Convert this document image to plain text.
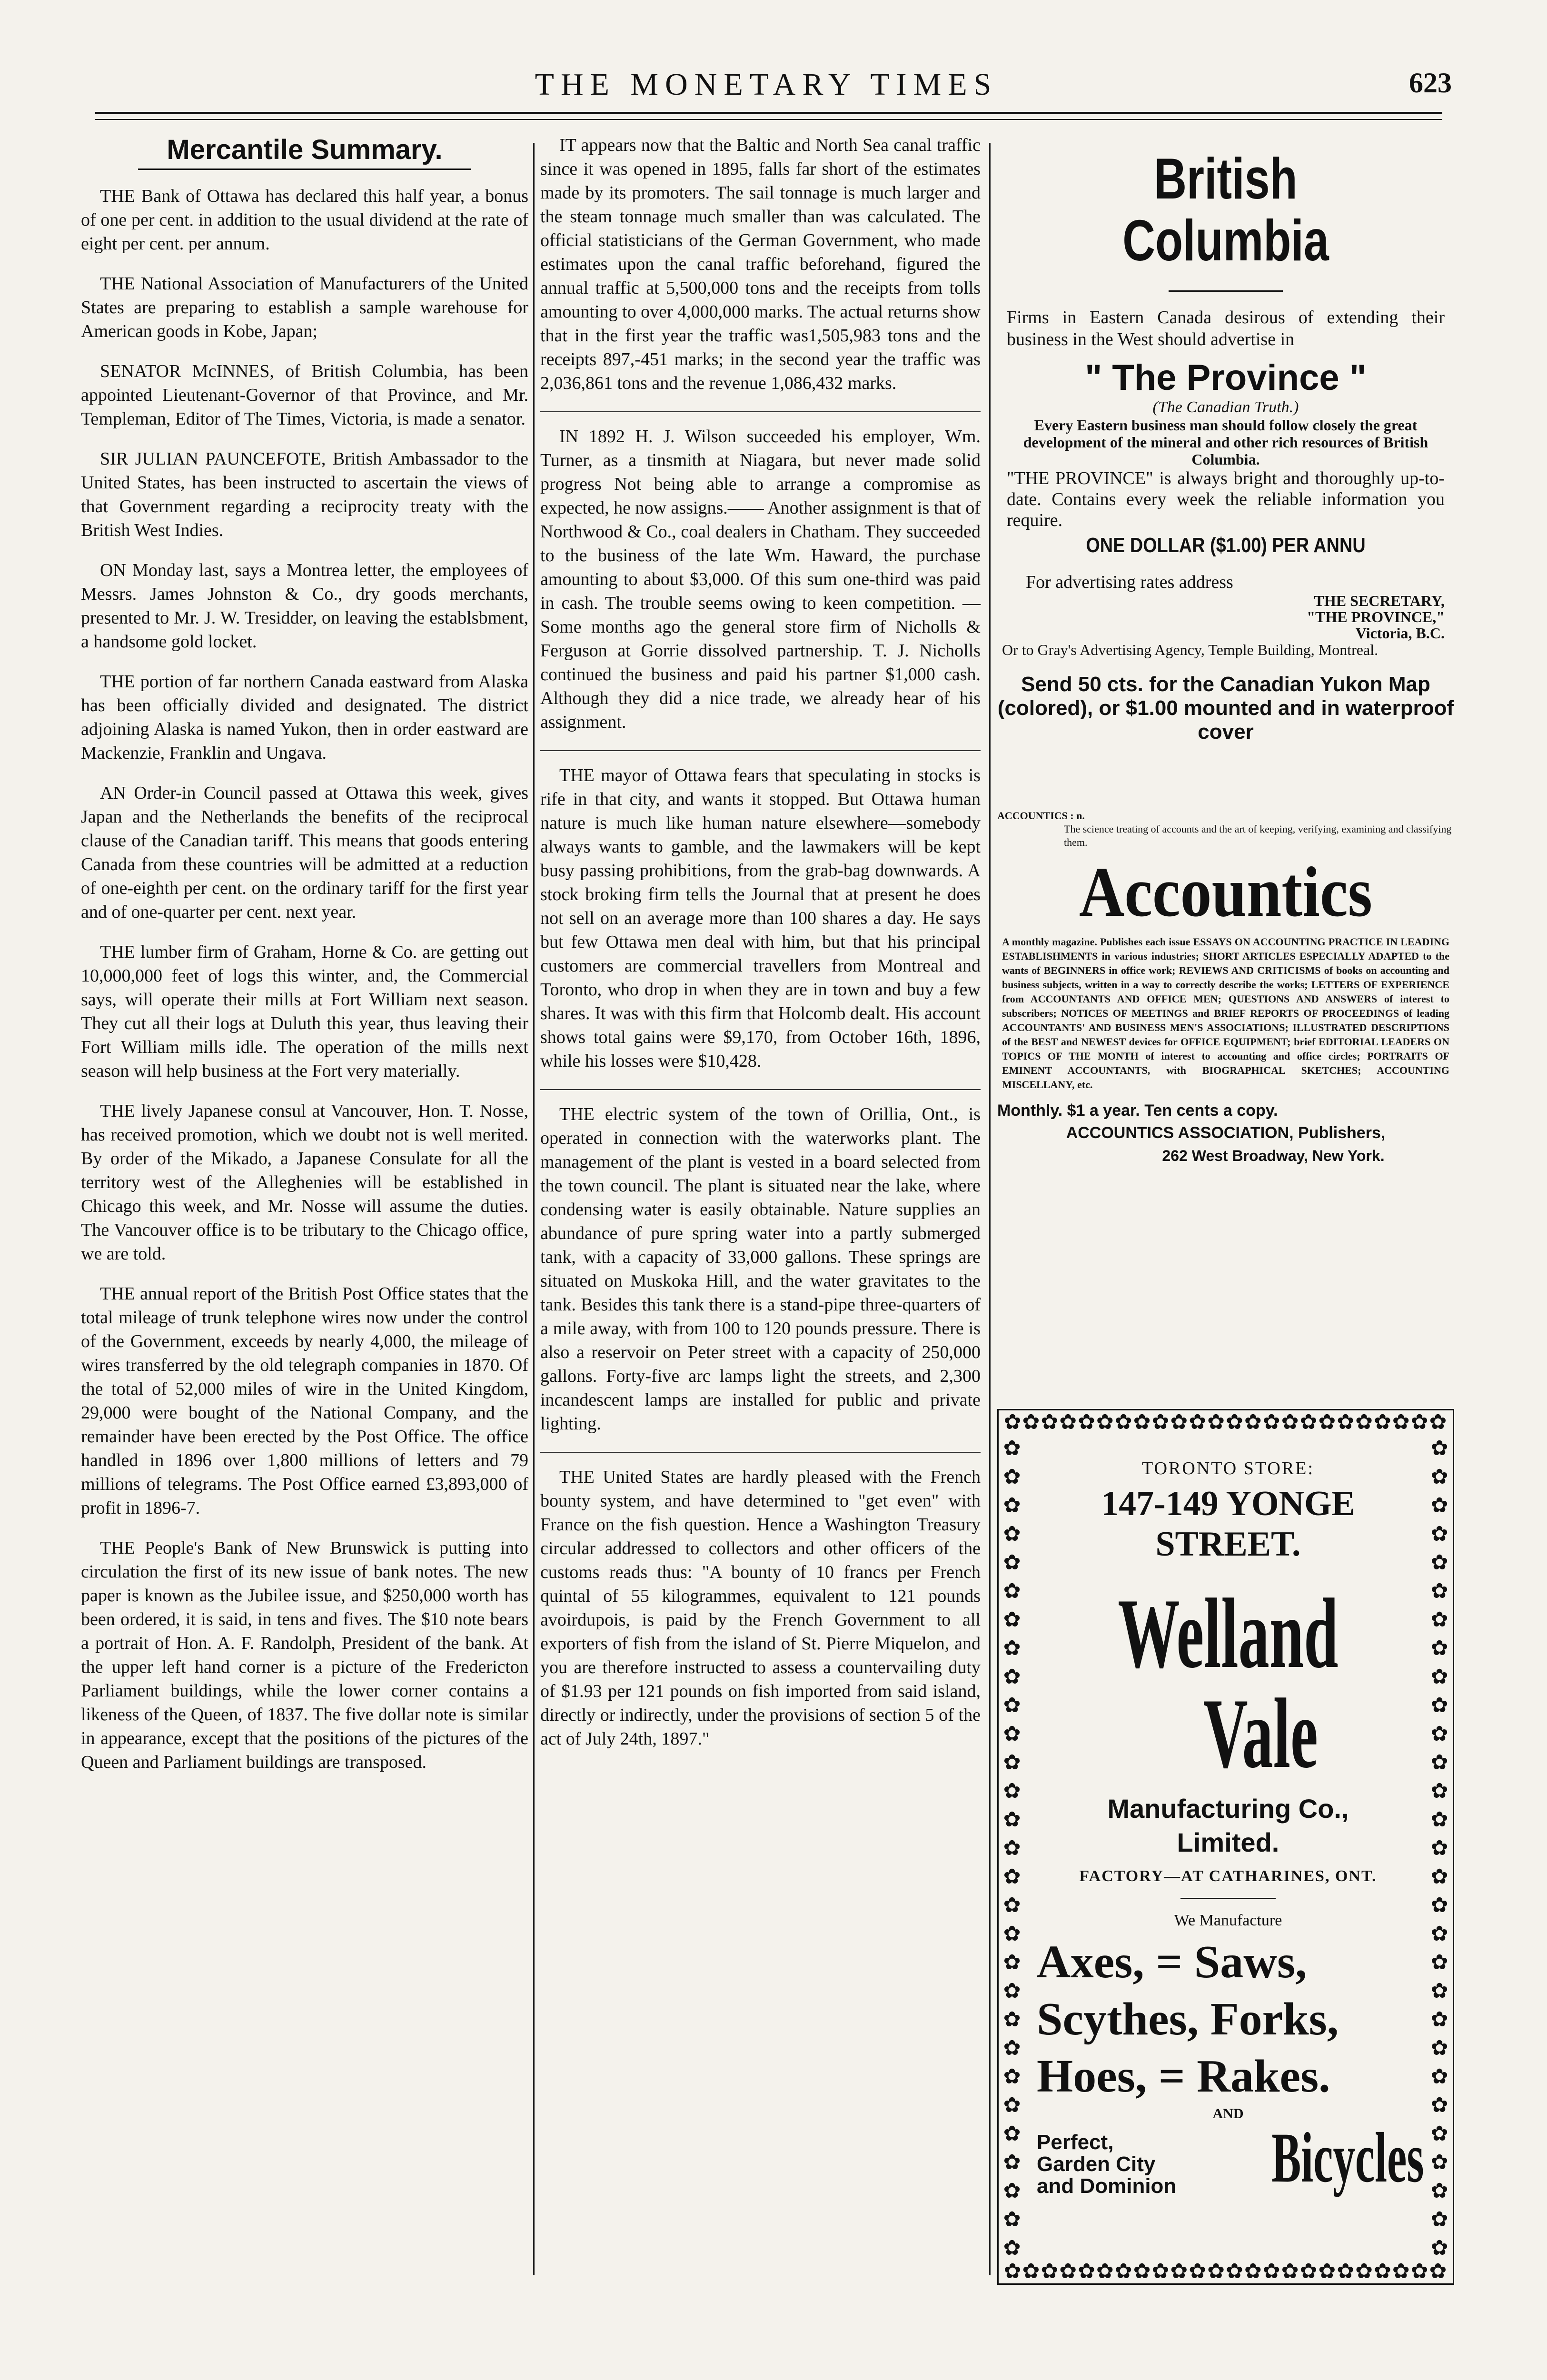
THE MONETARY TIMES	623
Mercantile Summary.

THE Bank of Ottawa has declared this half year, a bonus of one per cent. in addition to the usual dividend at the rate of eight per cent. per annum.

THE National Association of Manufacturers of the United States are preparing to establish a sample warehouse for American goods in Kobe, Japan;

SENATOR McINNES, of British Columbia, has been appointed Lieutenant-Governor of that Province, and Mr. Templeman, Editor of The Times, Victoria, is made a senator.

SIR JULIAN PAUNCEFOTE, British Ambassador to the United States, has been instructed to ascertain the views of that Government regarding a reciprocity treaty with the British West Indies.

ON Monday last, says a Montrea letter, the employees of Messrs. James Johnston & Co., dry goods merchants, presented to Mr. J. W. Tresidder, on leaving the establsbment, a handsome gold locket.

THE portion of far northern Canada eastward from Alaska has been officially divided and designated. The district adjoining Alaska is named Yukon, then in order eastward are Mackenzie, Franklin and Ungava.

AN Order-in Council passed at Ottawa this week, gives Japan and the Netherlands the benefits of the reciprocal clause of the Canadian tariff. This means that goods entering Canada from these countries will be admitted at a reduction of one-eighth per cent. on the ordinary tariff for the first year and of one-quarter per cent. next year.

THE lumber firm of Graham, Horne & Co. are getting out 10,000,000 feet of logs this winter, and, the Commercial says, will operate their mills at Fort William next season. They cut all their logs at Duluth this year, thus leaving their Fort William mills idle. The operation of the mills next season will help business at the Fort very materially.

THE lively Japanese consul at Vancouver, Hon. T. Nosse, has received promotion, which we doubt not is well merited. By order of the Mikado, a Japanese Consulate for all the territory west of the Alleghenies will be established in Chicago this week, and Mr. Nosse will assume the duties. The Vancouver office is to be tributary to the Chicago office, we are told.

THE annual report of the British Post Office states that the total mileage of trunk telephone wires now under the control of the Government, exceeds by nearly 4,000, the mileage of wires transferred by the old telegraph companies in 1870. Of the total of 52,000 miles of wire in the United Kingdom, 29,000 were bought of the National Company, and the remainder have been erected by the Post Office. The office handled in 1896 over 1,800 millions of letters and 79 millions of telegrams. The Post Office earned £3,893,000 of profit in 1896-7.

THE People's Bank of New Brunswick is putting into circulation the first of its new issue of bank notes. The new paper is known as the Jubilee issue, and $250,000 worth has been ordered, it is said, in tens and fives. The $10 note bears a portrait of Hon. A. F. Randolph, President of the bank. At the upper left hand corner is a picture of the Fredericton Parliament buildings, while the lower corner contains a likeness of the Queen, of 1837. The five dollar note is similar in appearance, except that the positions of the pictures of the Queen and Parliament buildings are transposed.

IT appears now that the Baltic and North Sea canal traffic since it was opened in 1895, falls far short of the estimates made by its promoters. The sail tonnage is much larger and the steam tonnage much smaller than was calculated. The official statisticians of the German Government, who made estimates upon the canal traffic beforehand, figured the annual traffic at 5,500,000 tons and the receipts from tolls amounting to over 4,000,000 marks. The actual returns show that in the first year the traffic was1,505,983 tons and the receipts 897,-451 marks; in the second year the traffic was 2,036,861 tons and the revenue 1,086,432 marks.

IN 1892 H. J. Wilson succeeded his employer, Wm. Turner, as a tinsmith at Niagara, but never made solid progress Not being able to arrange a compromise as expected, he now assigns.—— Another assignment is that of Northwood & Co., coal dealers in Chatham. They succeeded to the business of the late Wm. Haward, the purchase amounting to about $3,000. Of this sum one-third was paid in cash. The trouble seems owing to keen competition. — Some months ago the general store firm of Nicholls & Ferguson at Gorrie dissolved partnership. T. J. Nicholls continued the business and paid his partner $1,000 cash. Although they did a nice trade, we already hear of his assignment.

THE mayor of Ottawa fears that speculating in stocks is rife in that city, and wants it stopped. But Ottawa human nature is much like human nature elsewhere—somebody always wants to gamble, and the lawmakers will be kept busy passing prohibitions, from the grab-bag downwards. A stock broking firm tells the Journal that at present he does not sell on an average more than 100 shares a day. He says but few Ottawa men deal with him, but that his principal customers are commercial travellers from Montreal and Toronto, who drop in when they are in town and buy a few shares. It was with this firm that Holcomb dealt. His account shows total gains were $9,170, from October 16th, 1896, while his losses were $10,428.

THE electric system of the town of Orillia, Ont., is operated in connection with the waterworks plant. The management of the plant is vested in a board selected from the town council. The plant is situated near the lake, where condensing water is easily obtainable. Nature supplies an abundance of pure spring water into a partly submerged tank, with a capacity of 33,000 gallons. These springs are situated on Muskoka Hill, and the water gravitates to the tank. Besides this tank there is a stand-pipe three-quarters of a mile away, with from 100 to 120 pounds pressure. There is also a reservoir on Peter street with a capacity of 250,000 gallons. Forty-five arc lamps light the streets, and 2,300 incandescent lamps are installed for public and private lighting.

THE United States are hardly pleased with the French bounty system, and have determined to "get even" with France on the fish question. Hence a Washington Treasury circular addressed to collectors and other officers of the customs reads thus: "A bounty of 10 francs per French quintal of 55 kilogrammes, equivalent to 121 pounds avoirdupois, is paid by the French Government to all exporters of fish from the island of St. Pierre Miquelon, and you are therefore instructed to assess a countervailing duty of $1.93 per 121 pounds on fish imported from said island, directly or indirectly, under the provisions of section 5 of the act of July 24th, 1897."

British Columbia
Firms in Eastern Canada desirous of extending their business in the West should advertise in
" The Province "
(The Canadian Truth.)
Every Eastern business man should follow closely the great development of the mineral and other rich resources of British Columbia.
"THE PROVINCE" is always bright and thoroughly up-to-date. Contains every week the reliable information you require.
ONE DOLLAR ($1.00) PER ANNU
For advertising rates address
THE SECRETARY,
"THE PROVINCE,"
Victoria, B.C.
Or to Gray's Advertising Agency, Temple Building, Montreal.
Send 50 cts. for the Canadian Yukon Map (colored), or $1.00 mounted and in waterproof cover
ACCOUNTICS : n.
The science treating of accounts and the art of keeping, verifying, examining and classifying them.
Accountics
A monthly magazine. Publishes each issue ESSAYS ON ACCOUNTING PRACTICE IN LEADING ESTABLISHMENTS in various industries; SHORT ARTICLES ESPECIALLY ADAPTED to the wants of BEGINNERS in office work; REVIEWS AND CRITICISMS of books on accounting and business subjects, written in a way to correctly describe the works; LETTERS OF EXPERIENCE from ACCOUNTANTS AND OFFICE MEN; QUESTIONS AND ANSWERS of interest to subscribers; NOTICES OF MEETINGS and BRIEF REPORTS OF PROCEEDINGS of leading ACCOUNTANTS' AND BUSINESS MEN'S ASSOCIATIONS; ILLUSTRATED DESCRIPTIONS of the BEST and NEWEST devices for OFFICE EQUIPMENT; brief EDITORIAL LEADERS ON TOPICS OF THE MONTH of interest to accounting and office circles; PORTRAITS OF EMINENT ACCOUNTANTS, with BIOGRAPHICAL SKETCHES; ACCOUNTING MISCELLANY, etc.
Monthly. $1 a year. Ten cents a copy.
ACCOUNTICS ASSOCIATION, Publishers,
262 West Broadway, New York.
✿✿✿✿✿✿✿✿✿✿✿✿✿✿✿✿✿✿✿✿✿✿✿✿
✿
✿
✿
✿
✿
✿
✿
✿
✿
✿
✿
✿
✿
✿
✿
✿
✿
✿
✿
✿
✿
✿
✿
✿
✿
✿
✿
✿
✿
✿
✿
✿
✿
✿
✿
✿
✿
✿
✿
✿
✿
✿
✿
✿
✿
✿
✿
✿
✿
✿
✿
✿
✿
✿
✿
✿
✿
✿
TORONTO STORE:
147-149 YONGE STREET.
Welland
Vale
Manufacturing Co.,
Limited.
FACTORY—AT CATHARINES, ONT.
We Manufacture
Axes, = Saws,
Scythes, Forks,
Hoes, = Rakes.
AND
Perfect,
Garden City
and Dominion Bicycles
✿✿✿✿✿✿✿✿✿✿✿✿✿✿✿✿✿✿✿✿✿✿✿✿
